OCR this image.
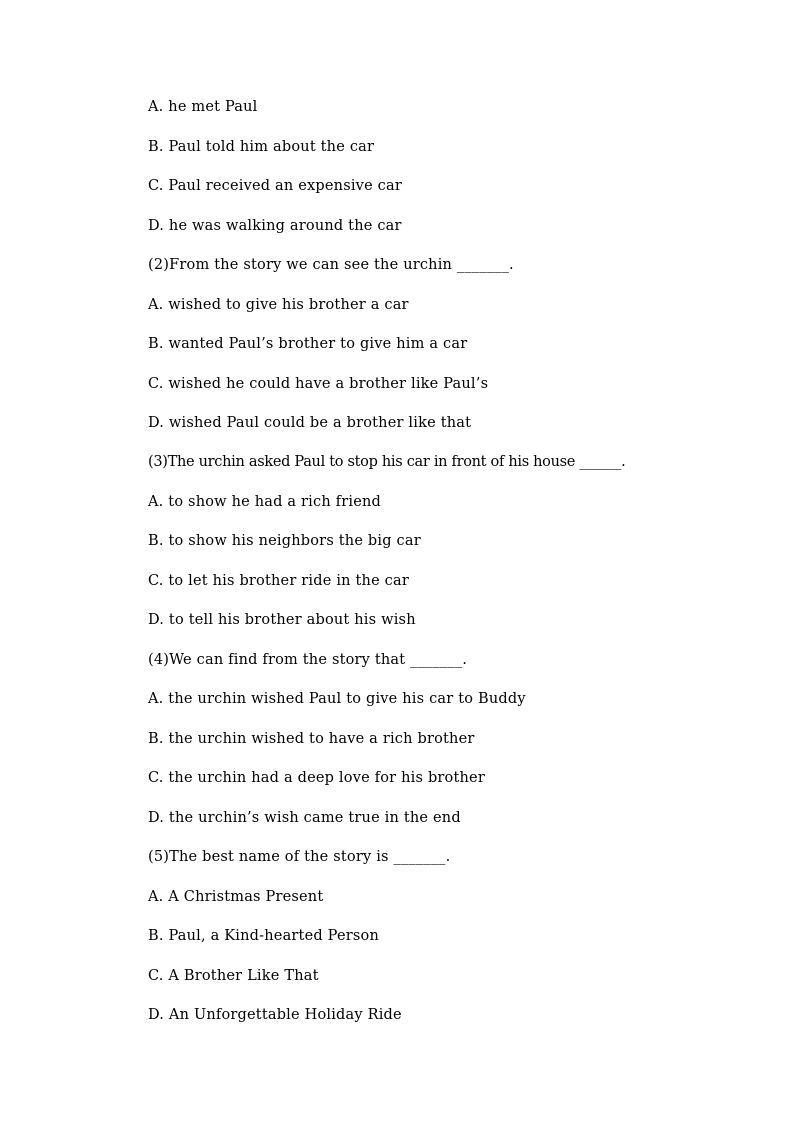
A. he met Paul
B. Paul told him about the car
C. Paul received an expensive car
D. he was walking around the car
(2)From the story we can see the urchin _______.
A. wished to give his brother a car
B. wanted Paul’s brother to give him a car
C. wished he could have a brother like Paul’s
D. wished Paul could be a brother like that
(3)The urchin asked Paul to stop his car in front of his house ______.
A. to show he had a rich friend
B. to show his neighbors the big car
C. to let his brother ride in the car
D. to tell his brother about his wish
(4)We can find from the story that _______.
A. the urchin wished Paul to give his car to Buddy
B. the urchin wished to have a rich brother
C. the urchin had a deep love for his brother
D. the urchin’s wish came true in the end
(5)The best name of the story is _______.
A. A Christmas Present
B. Paul, a Kind-hearted Person
C. A Brother Like That
D. An Unforgettable Holiday Ride
